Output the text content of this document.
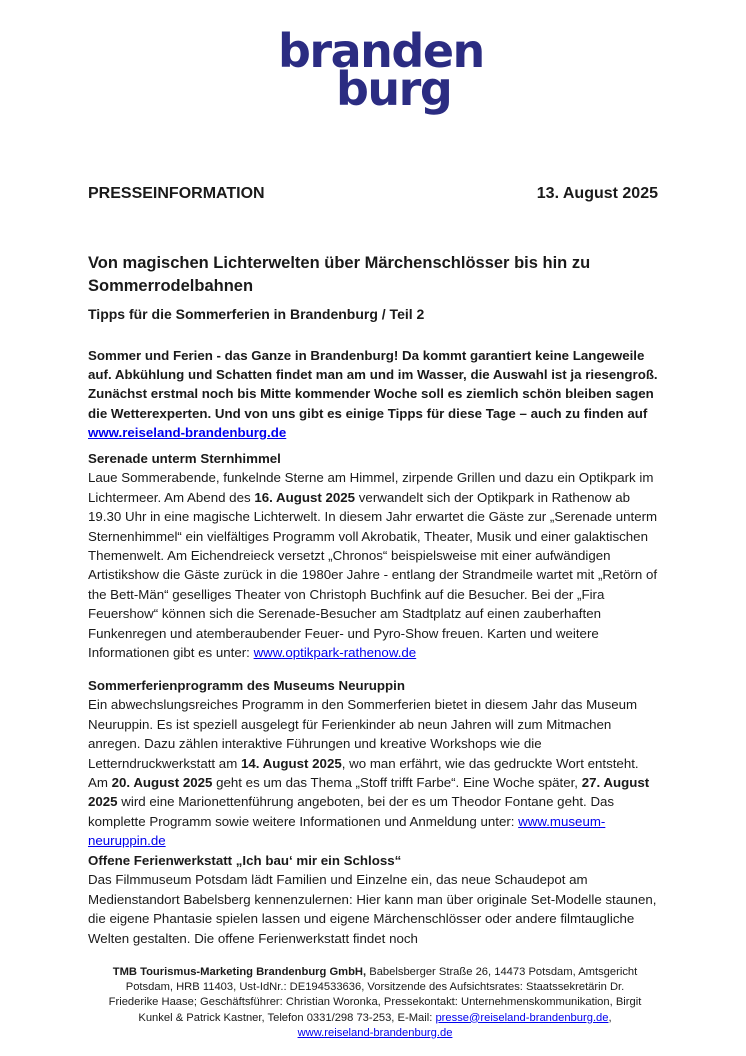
branden
burg
PRESSEINFORMATION	13. August 2025
Von magischen Lichterwelten über Märchenschlösser bis hin zu Sommerrodelbahnen
Tipps für die Sommerferien in Brandenburg / Teil 2
Sommer und Ferien - das Ganze in Brandenburg! Da kommt garantiert keine Langeweile auf. Abkühlung und Schatten findet man am und im Wasser, die Auswahl ist ja riesengroß. Zunächst erstmal noch bis Mitte kommender Woche soll es ziemlich schön bleiben sagen die Wetterexperten. Und von uns gibt es einige Tipps für diese Tage – auch zu finden auf www.reiseland-brandenburg.de
Serenade unterm Sternhimmel

Laue Sommerabende, funkelnde Sterne am Himmel, zirpende Grillen und dazu ein Optikpark im Lichtermeer. Am Abend des 16. August 2025 verwandelt sich der Optikpark in Rathenow ab 19.30 Uhr in eine magische Lichterwelt. In diesem Jahr erwartet die Gäste zur „Serenade unterm Sternenhimmel“ ein vielfältiges Programm voll Akrobatik, Theater, Musik und einer galaktischen Themenwelt. Am Eichendreieck versetzt „Chronos“ beispielsweise mit einer aufwändigen Artistikshow die Gäste zurück in die 1980er Jahre - entlang der Strandmeile wartet mit „Retörn of the Bett-Män“ geselliges Theater von Christoph Buchfink auf die Besucher. Bei der „Fira Feuershow“ können sich die Serenade-Besucher am Stadtplatz auf einen zauberhaften Funkenregen und atemberaubender Feuer- und Pyro-Show freuen. Karten und weitere Informationen gibt es unter: www.optikpark-rathenow.de

Sommerferienprogramm des Museums Neuruppin

Ein abwechslungsreiches Programm in den Sommerferien bietet in diesem Jahr das Museum Neuruppin. Es ist speziell ausgelegt für Ferienkinder ab neun Jahren will zum Mitmachen anregen. Dazu zählen interaktive Führungen und kreative Workshops wie die Letterndruckwerkstatt am 14. August 2025, wo man erfährt, wie das gedruckte Wort entsteht. Am 20. August 2025 geht es um das Thema „Stoff trifft Farbe“. Eine Woche später, 27. August 2025 wird eine Marionettenführung angeboten, bei der es um Theodor Fontane geht. Das komplette Programm sowie weitere Informationen und Anmeldung unter: www.museum-neuruppin.de

Offene Ferienwerkstatt „Ich bau‘ mir ein Schloss“

Das Filmmuseum Potsdam lädt Familien und Einzelne ein, das neue Schaudepot am Medienstandort Babelsberg kennenzulernen: Hier kann man über originale Set-Modelle staunen, die eigene Phantasie spielen lassen und eigene Märchenschlösser oder andere filmtaugliche Welten gestalten. Die offene Ferienwerkstatt findet noch

TMB Tourismus-Marketing Brandenburg GmbH, Babelsberger Straße 26, 14473 Potsdam, Amtsgericht Potsdam, HRB 11403, Ust-IdNr.: DE194533636, Vorsitzende des Aufsichtsrates: Staatssekretärin Dr. Friederike Haase; Geschäftsführer: Christian Woronka, Pressekontakt: Unternehmenskommunikation, Birgit Kunkel & Patrick Kastner, Telefon 0331/298 73-253, E-Mail: presse@reiseland-brandenburg.de, www.reiseland-brandenburg.de
